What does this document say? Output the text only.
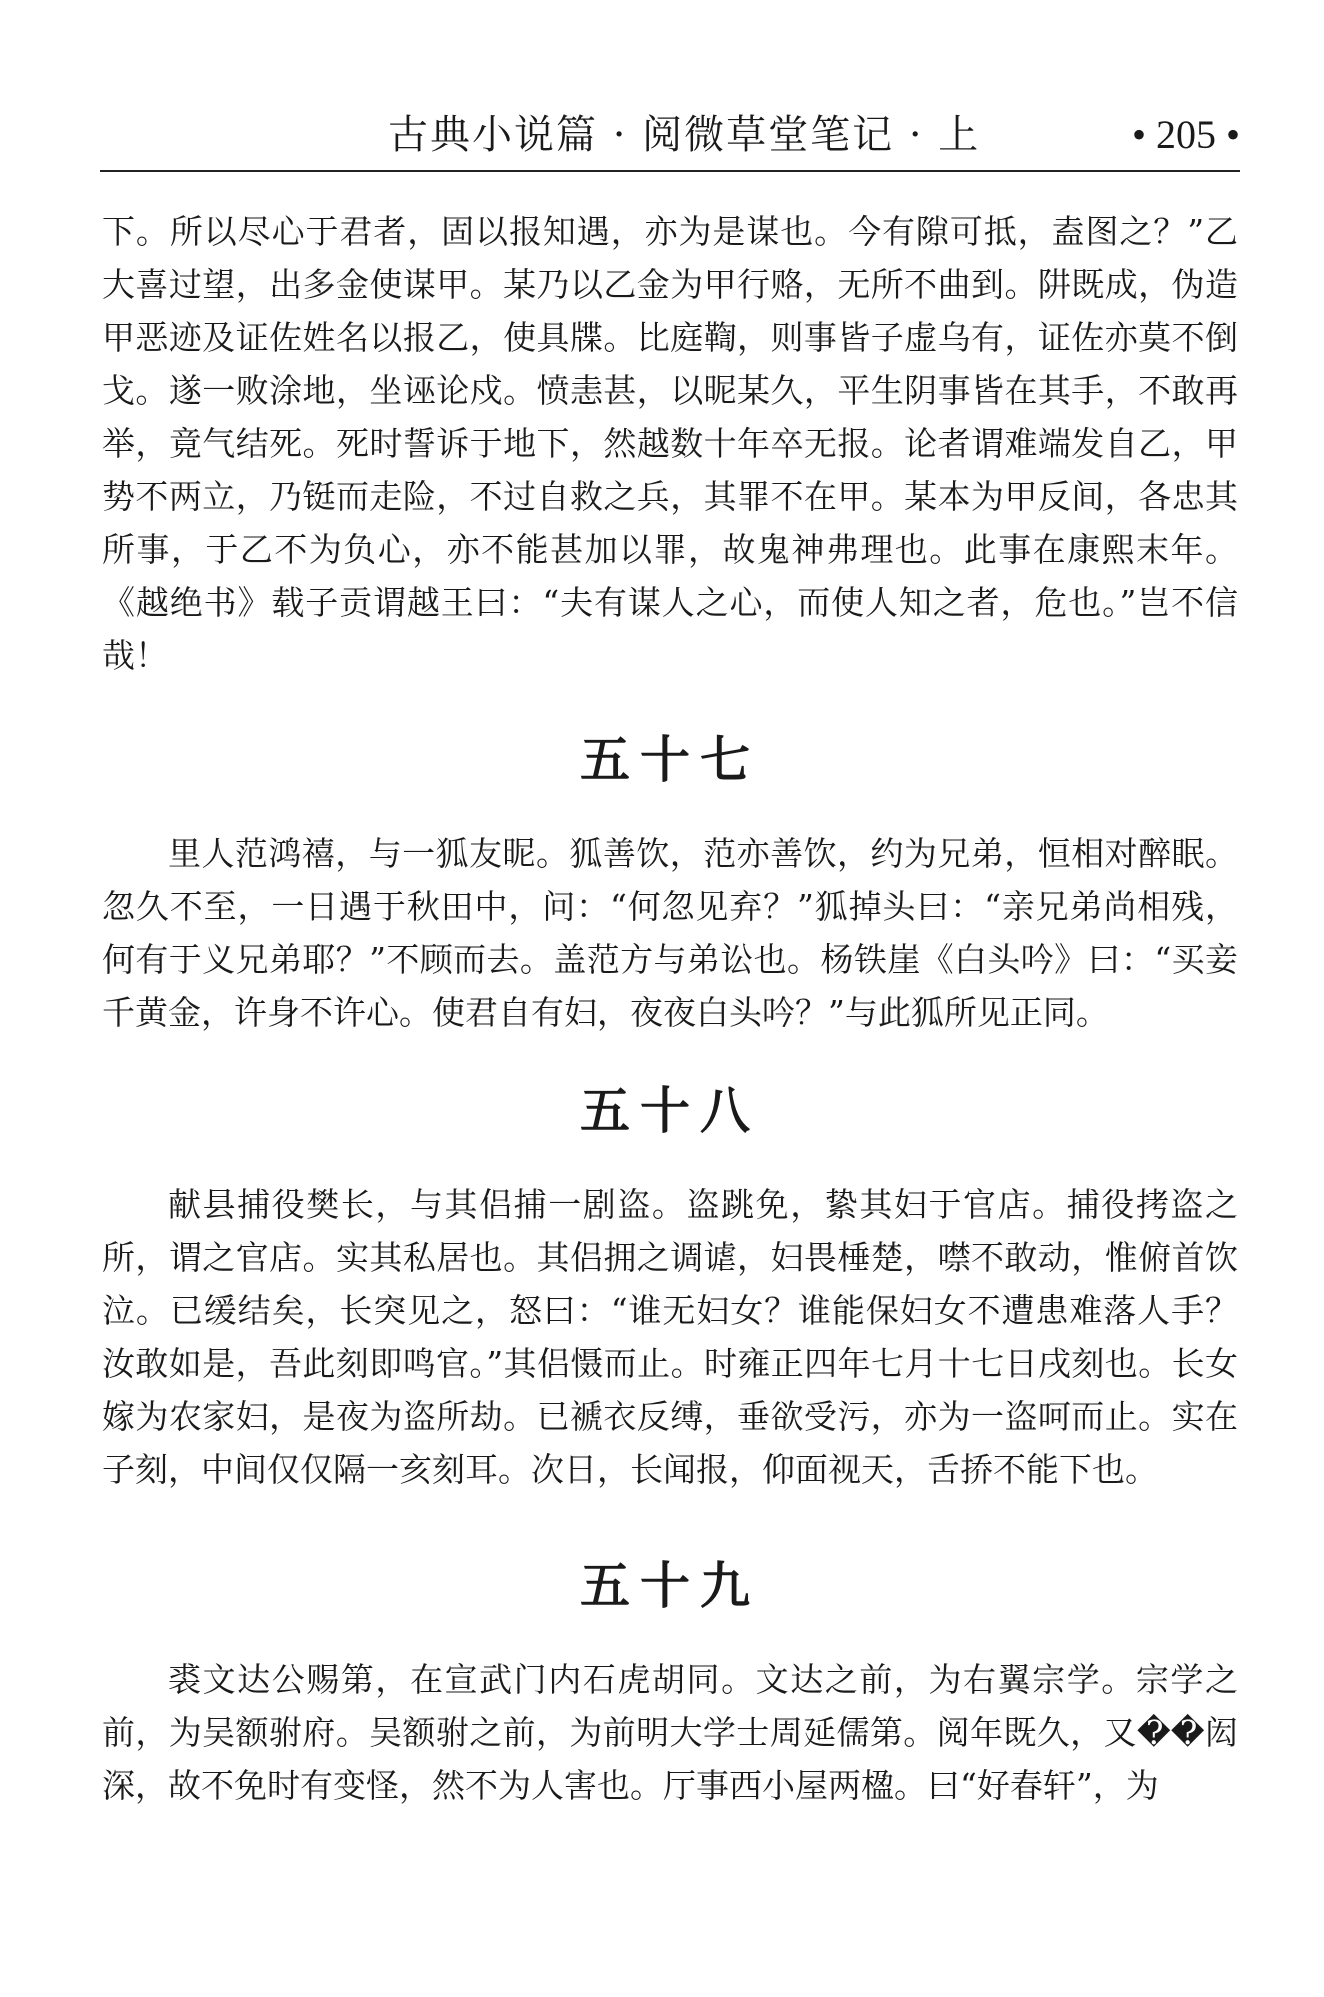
古典小说篇 · 阅微草堂笔记 · 上	• 205 •

下。所以尽心于君者，固以报知遇，亦为是谋也。今有隙可抵，盍图之？”乙大喜过望，出多金使谋甲。某乃以乙金为甲行赂，无所不曲到。阱既成，伪造甲恶迹及证佐姓名以报乙，使具牒。比庭鞫，则事皆子虚乌有，证佐亦莫不倒戈。遂一败涂地，坐诬论戍。愤恚甚，以昵某久，平生阴事皆在其手，不敢再举，竟气结死。死时誓诉于地下，然越数十年卒无报。论者谓难端发自乙，甲势不两立，乃铤而走险，不过自救之兵，其罪不在甲。某本为甲反间，各忠其所事，于乙不为负心，亦不能甚加以罪，故鬼神弗理也。此事在康熙末年。《越绝书》载子贡谓越王曰：“夫有谋人之心，而使人知之者，危也。”岂不信哉！

五十七

里人范鸿禧，与一狐友昵。狐善饮，范亦善饮，约为兄弟，恒相对醉眠。忽久不至，一日遇于秋田中，问：“何忽见弃？”狐掉头曰：“亲兄弟尚相残，何有于义兄弟耶？”不顾而去。盖范方与弟讼也。杨铁崖《白头吟》曰：“买妾千黄金，许身不许心。使君自有妇，夜夜白头吟？”与此狐所见正同。

五十八

献县捕役樊长，与其侣捕一剧盗。盗跳免，絷其妇于官店。捕役拷盗之所，谓之官店。实其私居也。其侣拥之调谑，妇畏棰楚，噤不敢动，惟俯首饮泣。已缓结矣，长突见之，怒曰：“谁无妇女？谁能保妇女不遭患难落人手？汝敢如是，吾此刻即鸣官。”其侣慑而止。时雍正四年七月十七日戌刻也。长女嫁为农家妇，是夜为盗所劫。已褫衣反缚，垂欲受污，亦为一盗呵而止。实在子刻，中间仅仅隔一亥刻耳。次日，长闻报，仰面视天，舌挢不能下也。

五十九

裘文达公赐第，在宣武门内石虎胡同。文达之前，为右翼宗学。宗学之前，为吴额驸府。吴额驸之前，为前明大学士周延儒第。阅年既久，又��闳深，故不免时有变怪，然不为人害也。厅事西小屋两楹。曰“好春轩”，为
